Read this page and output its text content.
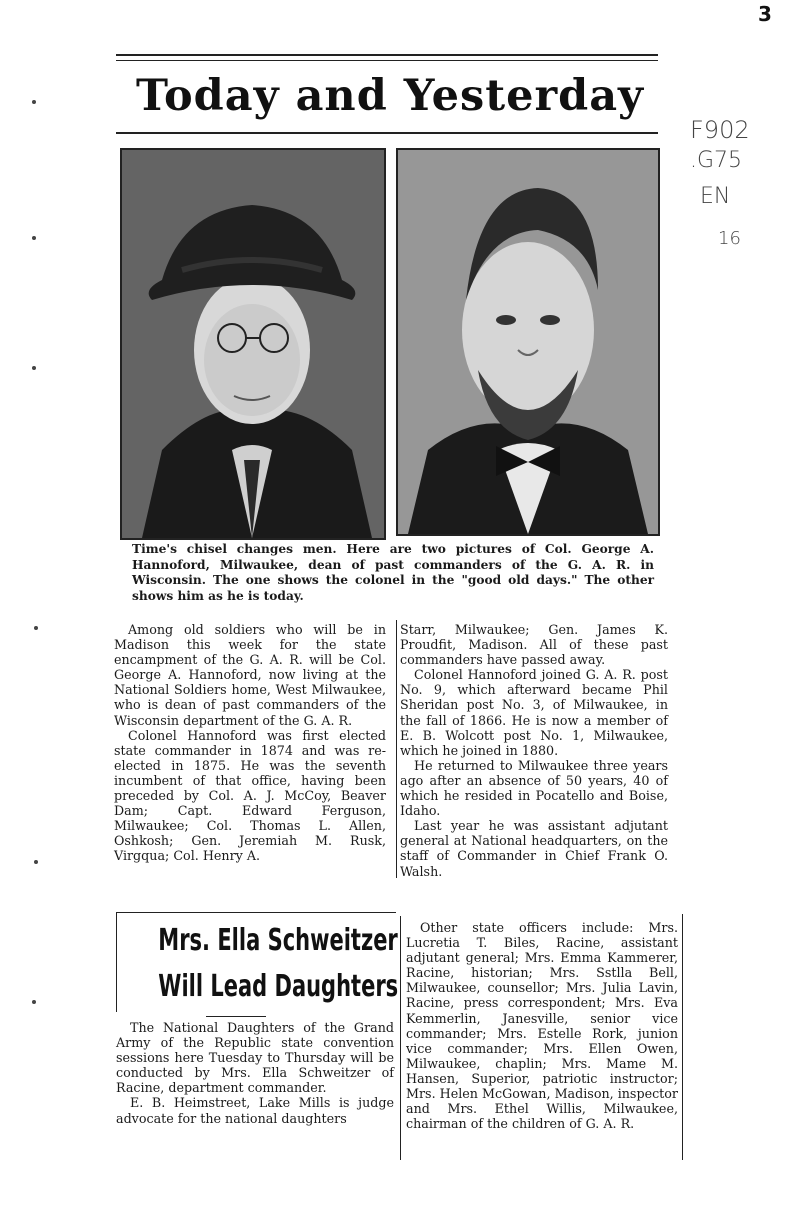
3
Today and Yesterday
F902
.G75
EN
16
Time's chisel changes men. Here are two pictures of Col. George A. Hannoford, Milwaukee, dean of past commanders of the G. A. R. in Wisconsin. The one shows the colonel in the "good old days." The other shows him as he is today.

Among old soldiers who will be in Madison this week for the state encampment of the G. A. R. will be Col. George A. Hannoford, now living at the National Soldiers home, West Milwaukee, who is dean of past commanders of the Wisconsin department of the G. A. R.

Colonel Hannoford was first elected state commander in 1874 and was re-elected in 1875. He was the seventh incumbent of that office, having been preceded by Col. A. J. McCoy, Beaver Dam; Capt. Edward Ferguson, Milwaukee; Col. Thomas L. Allen, Oshkosh; Gen. Jeremiah M. Rusk, Virgqua; Col. Henry A.

Starr, Milwaukee; Gen. James K. Proudfit, Madison. All of these past commanders have passed away.

Colonel Hannoford joined G. A. R. post No. 9, which afterward became Phil Sheridan post No. 3, of Milwaukee, in the fall of 1866. He is now a member of E. B. Wolcott post No. 1, Milwaukee, which he joined in 1880.

He returned to Milwaukee three years ago after an absence of 50 years, 40 of which he resided in Pocatello and Boise, Idaho.

Last year he was assistant adjutant general at National headquarters, on the staff of Commander in Chief Frank O. Walsh.

Mrs. Ella Schweitzer
Will Lead Daughters

The National Daughters of the Grand Army of the Republic state convention sessions here Tuesday to Thursday will be conducted by Mrs. Ella Schweitzer of Racine, department commander.

E. B. Heimstreet, Lake Mills is judge advocate for the national daughters

Other state officers include: Mrs. Lucretia T. Biles, Racine, assistant adjutant general; Mrs. Emma Kammerer, Racine, historian; Mrs. Sstlla Bell, Milwaukee, counsellor; Mrs. Julia Lavin, Racine, press correspondent; Mrs. Eva Kemmerlin, Janesville, senior vice commander; Mrs. Estelle Rork, junion vice commander; Mrs. Ellen Owen, Milwaukee, chaplin; Mrs. Mame M. Hansen, Superior, patriotic instructor; Mrs. Helen McGowan, Madison, inspector and Mrs. Ethel Willis, Milwaukee, chairman of the children of G. A. R.
